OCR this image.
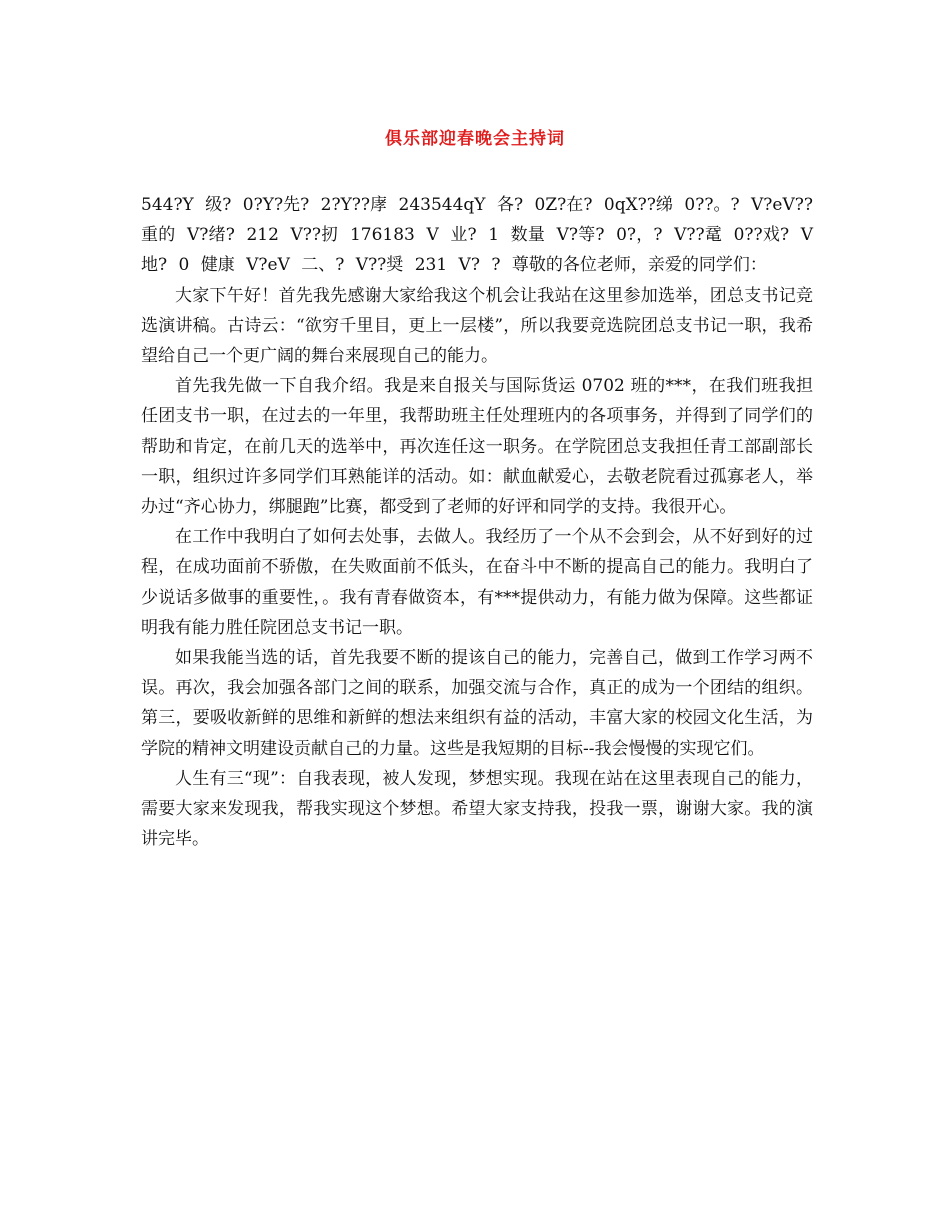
俱乐部迎春晚会主持词

544?Y 级? 0?Y?先? 2?Y??庨 243544qY 各? 0Z?在? 0qX??绨 0??。? V?eV??重的 V?绪? 212 V??扨 176183 V 业? 1 数量 V?等? 0?，? V??鼋 0??戏? V 地? 0 健康 V?eV 二、? V??奨 231 V? ? 尊敬的各位老师，亲爱的同学们：

大家下午好！首先我先感谢大家给我这个机会让我站在这里参加选举，团总支书记竞选演讲稿。古诗云：“欲穷千里目，更上一层楼”，所以我要竞选院团总支书记一职，我希望给自己一个更广阔的舞台来展现自己的能力。

首先我先做一下自我介绍。我是来自报关与国际货运 0702 班的***，在我们班我担任团支书一职，在过去的一年里，我帮助班主任处理班内的各项事务，并得到了同学们的帮助和肯定，在前几天的选举中，再次连任这一职务。在学院团总支我担任青工部副部长一职，组织过许多同学们耳熟能详的活动。如：献血献爱心，去敬老院看过孤寡老人，举办过“齐心协力，绑腿跑”比赛，都受到了老师的好评和同学的支持。我很开心。

在工作中我明白了如何去处事，去做人。我经历了一个从不会到会，从不好到好的过程，在成功面前不骄傲，在失败面前不低头，在奋斗中不断的提高自己的能力。我明白了少说话多做事的重要性，。我有青春做资本，有***提供动力，有能力做为保障。这些都证明我有能力胜任院团总支书记一职。

如果我能当选的话，首先我要不断的提该自己的能力，完善自己，做到工作学习两不误。再次，我会加强各部门之间的联系，加强交流与合作，真正的成为一个团结的组织。第三，要吸收新鲜的思维和新鲜的想法来组织有益的活动，丰富大家的校园文化生活，为学院的精神文明建设贡献自己的力量。这些是我短期的目标--我会慢慢的实现它们。

人生有三“现”：自我表现，被人发现，梦想实现。我现在站在这里表现自己的能力，需要大家来发现我，帮我实现这个梦想。希望大家支持我，投我一票，谢谢大家。我的演讲完毕。
